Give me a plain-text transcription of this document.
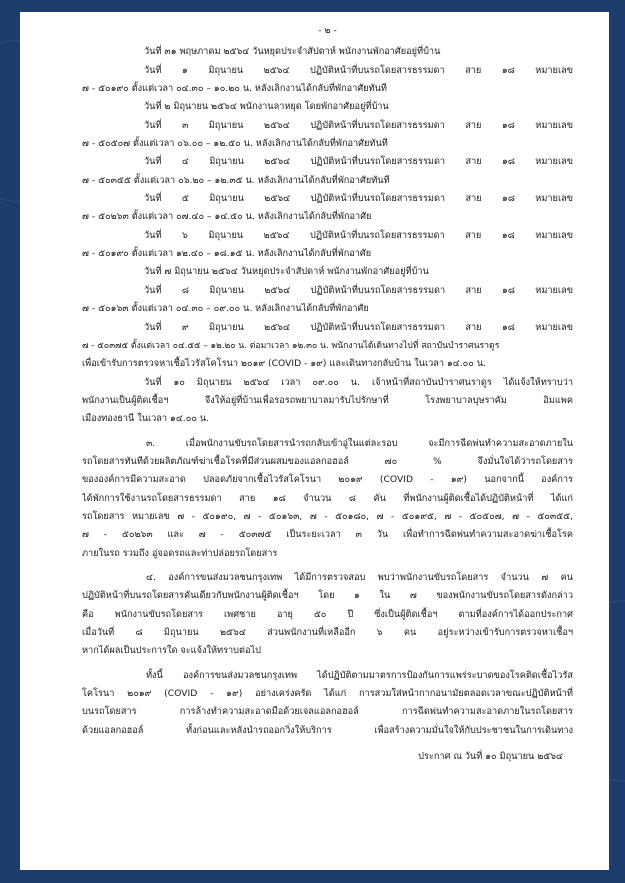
- ๒ -
วันที่ ๓๑ พฤษภาคม ๒๕๖๔ วันหยุดประจำสัปดาห์ พนักงานพักอาศัยอยู่ที่บ้าน
วันที่ ๑ มิถุนายน ๒๕๖๔ ปฏิบัติหน้าที่บนรถโดยสารธรรมดา สาย ๑๘ หมายเลข
๗ - ๕๐๑๙๐ ตั้งแต่เวลา ๐๔.๓๐ – ๑๐.๒๐ น. หลังเลิกงานได้กลับที่พักอาศัยทันที
วันที่ ๒ มิถุนายน ๒๕๖๔ พนักงานลาหยุด โดยพักอาศัยอยู่ที่บ้าน
วันที่ ๓ มิถุนายน ๒๕๖๔ ปฏิบัติหน้าที่บนรถโดยสารธรรมดา สาย ๑๘ หมายเลข
๗ - ๕๐๕๐๗ ตั้งแต่เวลา ๐๖.๐๐ – ๑๒.๕๐ น. หลังเลิกงานได้กลับที่พักอาศัยทันที
วันที่ ๔ มิถุนายน ๒๕๖๔ ปฏิบัติหน้าที่บนรถโดยสารธรรมดา สาย ๑๘ หมายเลข
๗ - ๕๐๓๕๕ ตั้งแต่เวลา ๐๖.๒๐ – ๑๒.๓๕ น. หลังเลิกงานได้กลับที่พักอาศัยทันที
วันที่ ๕ มิถุนายน ๒๕๖๔ ปฏิบัติหน้าที่บนรถโดยสารธรรมดา สาย ๑๘ หมายเลข
๗ - ๕๐๒๖๓ ตั้งแต่เวลา ๐๗.๔๐ – ๑๔.๕๐ น. หลังเลิกงานได้กลับที่พักอาศัย
วันที่ ๖ มิถุนายน ๒๕๖๔ ปฏิบัติหน้าที่บนรถโดยสารธรรมดา สาย ๑๘ หมายเลข
๗ - ๕๐๑๙๐ ตั้งแต่เวลา ๑๒.๔๐ – ๑๘.๑๕ น. หลังเลิกงานได้กลับที่พักอาศัย
วันที่ ๗ มิถุนายน ๒๕๖๔ วันหยุดประจำสัปดาห์ พนักงานพักอาศัยอยู่ที่บ้าน
วันที่ ๘ มิถุนายน ๒๕๖๔ ปฏิบัติหน้าที่บนรถโดยสารธรรมดา สาย ๑๘ หมายเลข
๗ - ๕๐๑๖๓ ตั้งแต่เวลา ๐๔.๓๐ – ๐๙.๐๐ น. หลังเลิกงานได้กลับที่พักอาศัย
วันที่ ๙ มิถุนายน ๒๕๖๔ ปฏิบัติหน้าที่บนรถโดยสารธรรมดา สาย ๑๘ หมายเลข
๗ - ๕๐๓๗๕ ตั้งแต่เวลา ๐๔.๕๕ – ๑๒.๒๐ น. ต่อมาเวลา ๑๒.๓๐ น. พนักงานได้เดินทางไปที่ สถาบันบำราศนราดูร
เพื่อเข้ารับการตรวจหาเชื้อไวรัสโคโรนา ๒๐๑๙ (COVID - ๑๙) และเดินทางกลับบ้าน ในเวลา ๑๔.๐๐ น.
วันที่ ๑๐ มิถุนายน ๒๕๖๔ เวลา ๐๙.๐๐ น. เจ้าหน้าที่สถาบันบำราศนราดูร ได้แจ้งให้ทราบว่า
พนักงานเป็นผู้ติดเชื้อฯ จึงให้อยู่ที่บ้านเพื่อรอรถพยาบาลมารับไปรักษาที่ โรงพยาบาลบุษราคัม อิมแพค
เมืองทองธานี ในเวลา ๑๔.๐๐ น.
๓. เมื่อพนักงานขับรถโดยสารนำรถกลับเข้าอู่ในแต่ละรอบ จะมีการฉีดพ่นทำความสะอาดภายใน
รถโดยสารทันทีด้วยผลิตภัณฑ์ฆ่าเชื้อโรคที่มีส่วนผสมของแอลกอฮอล์ ๗๐ % จึงมั่นใจได้ว่ารถโดยสาร
ขององค์การมีความสะอาด ปลอดภัยจากเชื้อไวรัสโคโรนา ๒๐๑๙ (COVID - ๑๙) นอกจากนี้ องค์การ
ได้พักการใช้งานรถโดยสารธรรมดา สาย ๑๘ จำนวน ๘ คัน ที่พนักงานผู้ติดเชื้อได้ปฏิบัติหน้าที่ ได้แก่
รถโดยสาร หมายเลข ๗ - ๕๐๑๙๐, ๗ - ๕๐๑๖๓, ๗ - ๕๐๑๘๐, ๗ - ๕๐๑๙๕, ๗ - ๕๐๕๐๗, ๗ - ๕๐๓๕๕,
๗ - ๕๐๒๖๓ และ ๗ - ๕๐๓๗๕ เป็นระยะเวลา ๓ วัน เพื่อทำการฉีดพ่นทำความสะอาดฆ่าเชื้อโรค
ภายในรถ รวมถึง อู่จอดรถและท่าปล่อยรถโดยสาร
๔. องค์การขนส่งมวลชนกรุงเทพ ได้มีการตรวจสอบ พบว่าพนักงานขับรถโดยสาร จำนวน ๗ คน
ปฏิบัติหน้าที่บนรถโดยสารคันเดียวกับพนักงานผู้ติดเชื้อฯ โดย ๑ ใน ๗ ของพนักงานขับรถโดยสารดังกล่าว
คือ พนักงานขับรถโดยสาร เพศชาย อายุ ๕๐ ปี ซึ่งเป็นผู้ติดเชื้อฯ ตามที่องค์การได้ออกประกาศ
เมื่อวันที่ ๘ มิถุนายน ๒๕๖๔ ส่วนพนักงานที่เหลืออีก ๖ คน อยู่ระหว่างเข้ารับการตรวจหาเชื้อฯ
หากได้ผลเป็นประการใด จะแจ้งให้ทราบต่อไป
ทั้งนี้ องค์การขนส่งมวลชนกรุงเทพ ได้ปฏิบัติตามมาตรการป้องกันการแพร่ระบาดของโรคติดเชื้อไวรัส
โคโรนา ๒๐๑๙ (COVID - ๑๙) อย่างเคร่งครัด ได้แก่ การสวมใส่หน้ากากอนามัยตลอดเวลาขณะปฏิบัติหน้าที่
บนรถโดยสาร การล้างทำความสะอาดมือด้วยเจลแอลกอฮอล์ การฉีดพ่นทำความสะอาดภายในรถโดยสาร
ด้วยแอลกอฮอล์ ทั้งก่อนและหลังนำรถออกวิ่งให้บริการ เพื่อสร้างความมั่นใจให้กับประชาชนในการเดินทาง
ประกาศ ณ วันที่ ๑๐ มิถุนายน ๒๕๖๔
